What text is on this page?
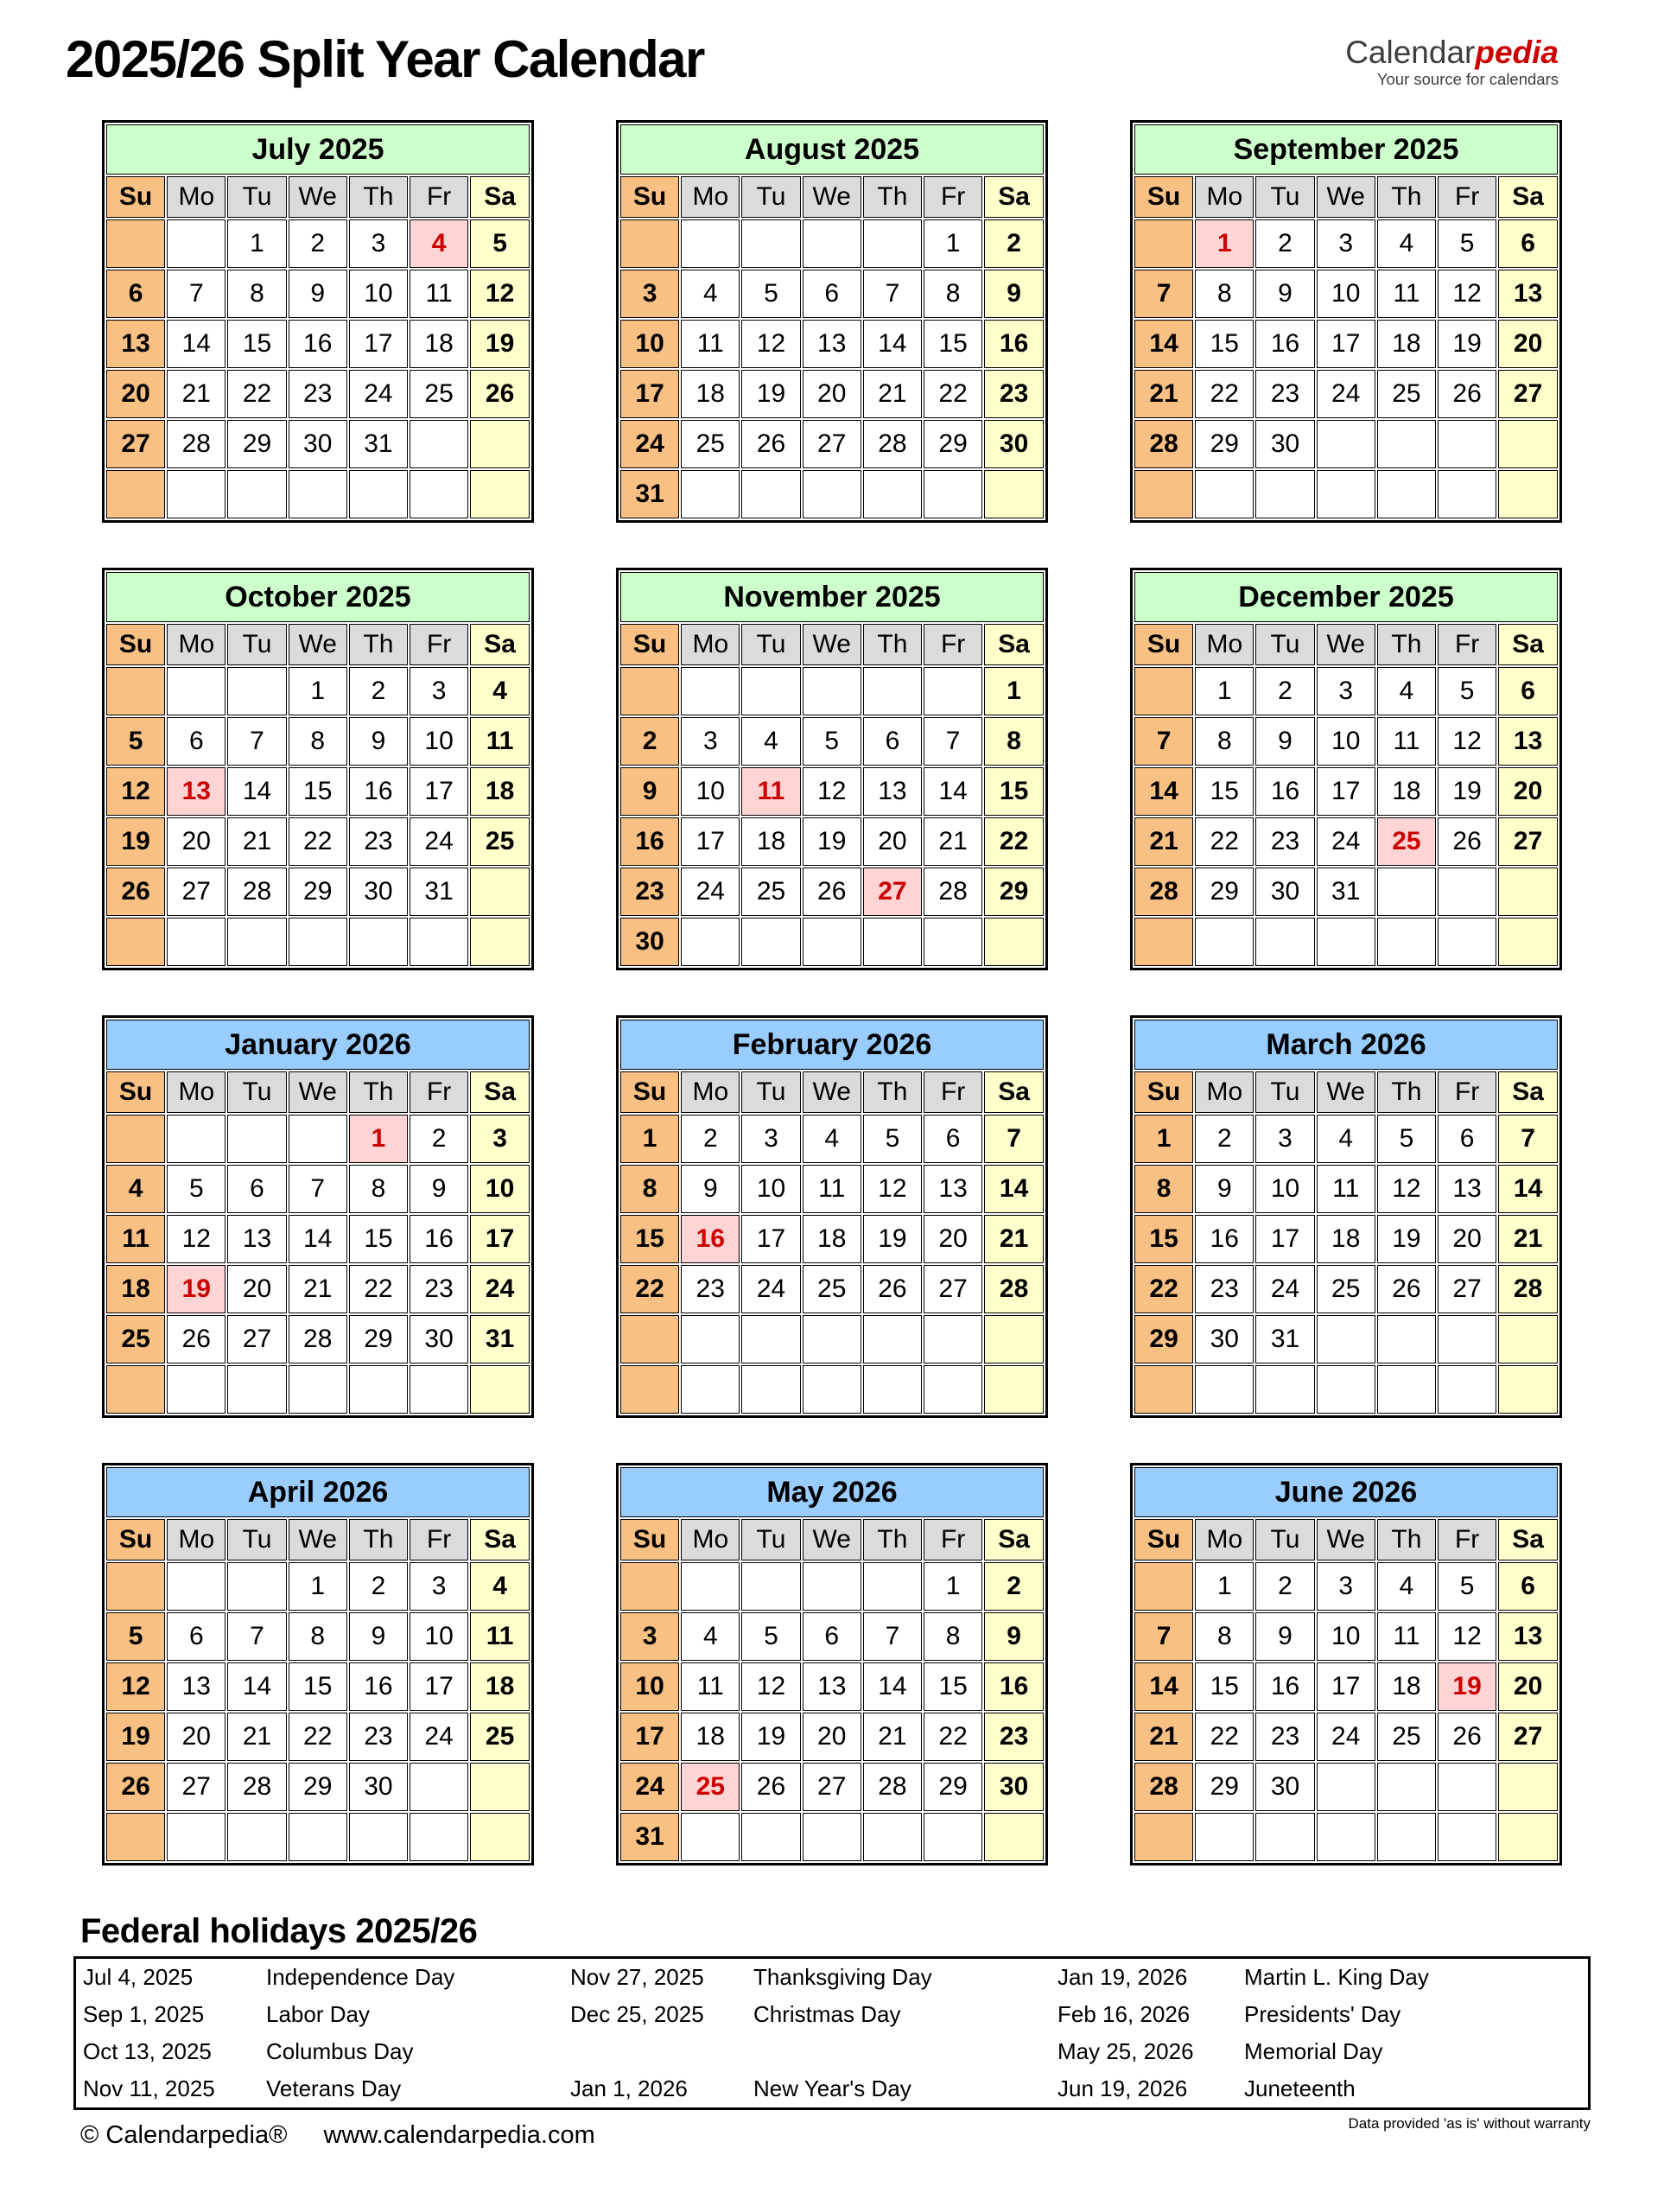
2025/26 Split Year Calendar	Calendarpedia
Your source for calendars
July 2025						
Su	Mo	Tu	We	Th	Fr	Sa
		1	2	3	4	5
6	7	8	9	10	11	12
13	14	15	16	17	18	19
20	21	22	23	24	25	26
27	28	29	30	31		

August 2025						
Su	Mo	Tu	We	Th	Fr	Sa
					1	2
3	4	5	6	7	8	9
10	11	12	13	14	15	16
17	18	19	20	21	22	23
24	25	26	27	28	29	30
31						
September 2025						
Su	Mo	Tu	We	Th	Fr	Sa
	1	2	3	4	5	6
7	8	9	10	11	12	13
14	15	16	17	18	19	20
21	22	23	24	25	26	27
28	29	30				

October 2025						
Su	Mo	Tu	We	Th	Fr	Sa
			1	2	3	4
5	6	7	8	9	10	11
12	13	14	15	16	17	18
19	20	21	22	23	24	25
26	27	28	29	30	31	

November 2025						
Su	Mo	Tu	We	Th	Fr	Sa
						1
2	3	4	5	6	7	8
9	10	11	12	13	14	15
16	17	18	19	20	21	22
23	24	25	26	27	28	29
30						
December 2025						
Su	Mo	Tu	We	Th	Fr	Sa
	1	2	3	4	5	6
7	8	9	10	11	12	13
14	15	16	17	18	19	20
21	22	23	24	25	26	27
28	29	30	31			

January 2026						
Su	Mo	Tu	We	Th	Fr	Sa
				1	2	3
4	5	6	7	8	9	10
11	12	13	14	15	16	17
18	19	20	21	22	23	24
25	26	27	28	29	30	31

February 2026						
Su	Mo	Tu	We	Th	Fr	Sa
1	2	3	4	5	6	7
8	9	10	11	12	13	14
15	16	17	18	19	20	21
22	23	24	25	26	27	28

March 2026						
Su	Mo	Tu	We	Th	Fr	Sa
1	2	3	4	5	6	7
8	9	10	11	12	13	14
15	16	17	18	19	20	21
22	23	24	25	26	27	28
29	30	31				

April 2026						
Su	Mo	Tu	We	Th	Fr	Sa
			1	2	3	4
5	6	7	8	9	10	11
12	13	14	15	16	17	18
19	20	21	22	23	24	25
26	27	28	29	30		

May 2026						
Su	Mo	Tu	We	Th	Fr	Sa
					1	2
3	4	5	6	7	8	9
10	11	12	13	14	15	16
17	18	19	20	21	22	23
24	25	26	27	28	29	30
31						
June 2026						
Su	Mo	Tu	We	Th	Fr	Sa
	1	2	3	4	5	6
7	8	9	10	11	12	13
14	15	16	17	18	19	20
21	22	23	24	25	26	27
28	29	30				

Federal holidays 2025/26
Jul 4, 2025	Independence Day	Nov 27, 2025	Thanksgiving Day	Jan 19, 2026	Martin L. King Day
Sep 1, 2025	Labor Day	Dec 25, 2025	Christmas Day	Feb 16, 2026	Presidents' Day
Oct 13, 2025	Columbus Day			May 25, 2026	Memorial Day
Nov 11, 2025	Veterans Day	Jan 1, 2026	New Year's Day	Jun 19, 2026	Juneteenth
© Calendarpedia® www.calendarpedia.com	Data provided 'as is' without warranty
